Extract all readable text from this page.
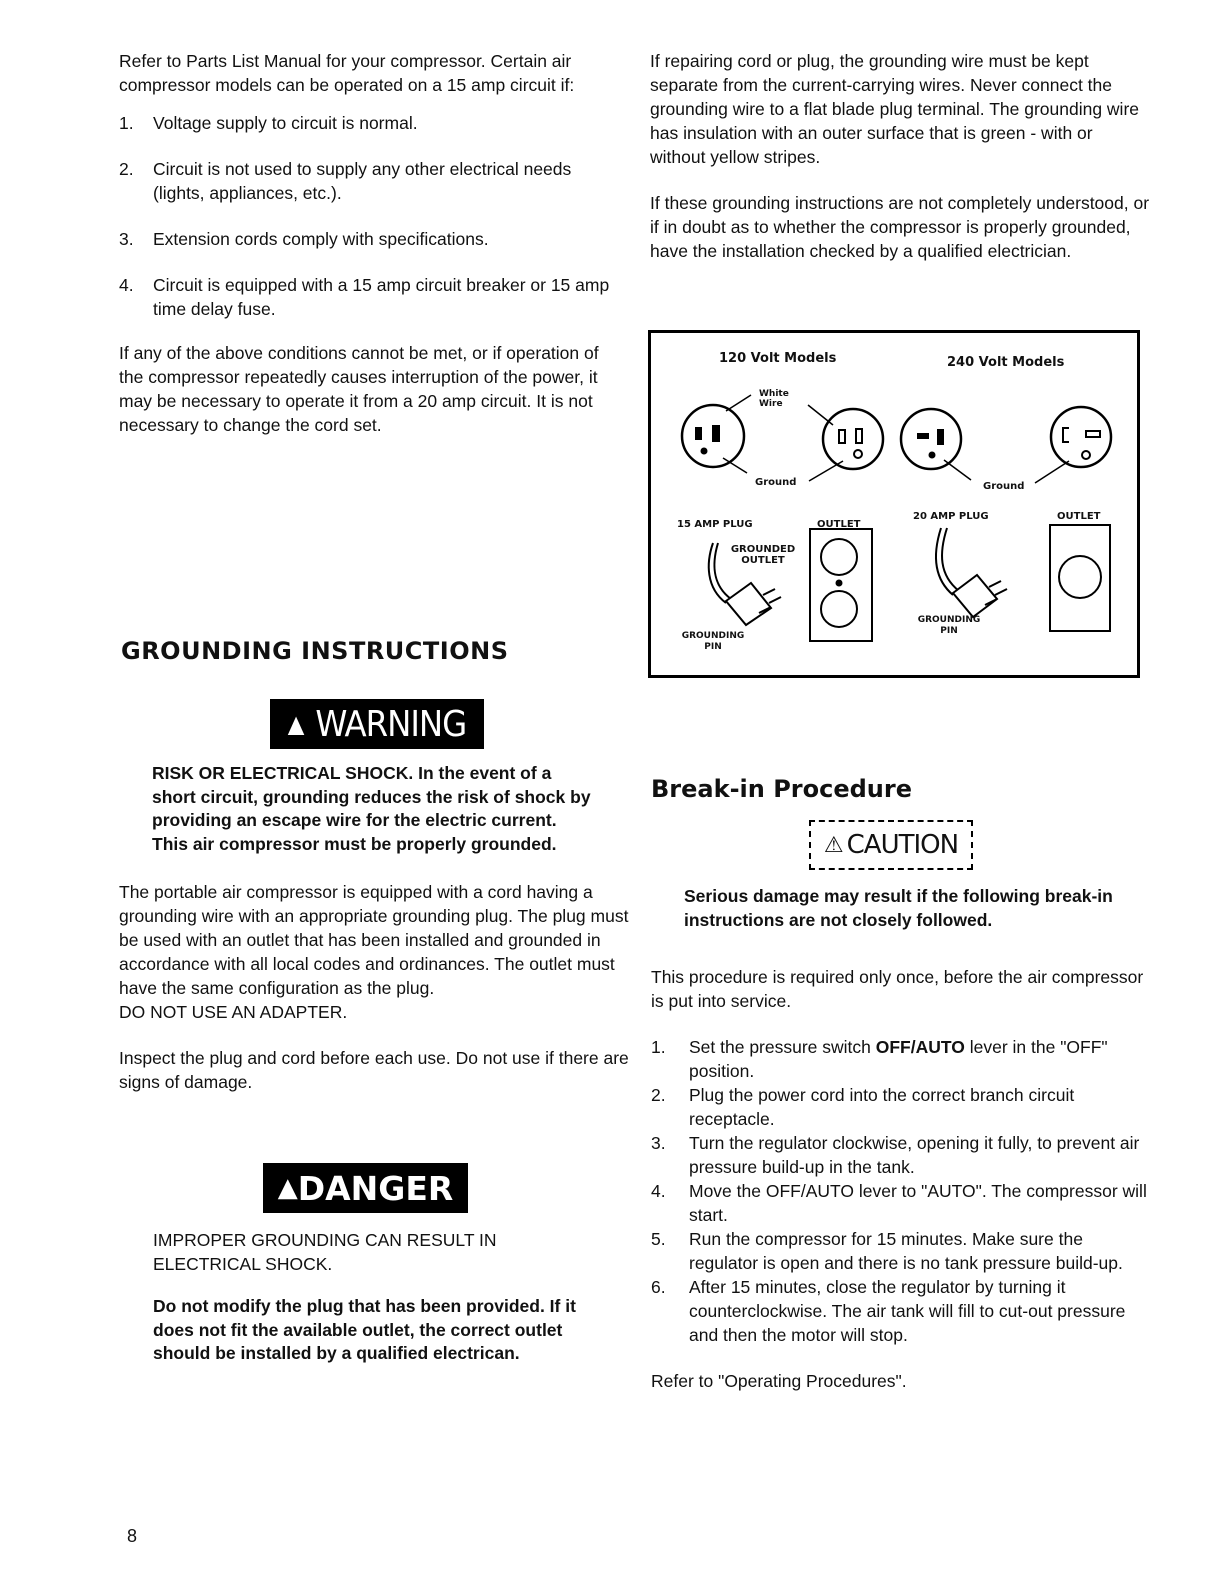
Refer to Parts List Manual for your compressor. Certain air compressor models can be operated on a 15 amp circuit if:

1. Voltage supply to circuit is normal.
2. Circuit is not used to supply any other electrical needs (lights, appliances, etc.).
3. Extension cords comply with specifications.
4. Circuit is equipped with a 15 amp circuit breaker or 15 amp time delay fuse.

If any of the above conditions cannot be met, or if operation of the compressor repeatedly causes interruption of the power, it may be necessary to operate it from a 20 amp circuit. It is not necessary to change the cord set.

GROUNDING INSTRUCTIONS
▲ WARNING
RISK OR ELECTRICAL SHOCK. In the event of a short circuit, grounding reduces the risk of shock by providing an escape wire for the electric current. This air compressor must be properly grounded.

The portable air compressor is equipped with a cord having a grounding wire with an appropriate grounding plug. The plug must be used with an outlet that has been installed and grounded in accordance with all local codes and ordinances. The outlet must have the same configuration as the plug.

DO NOT USE AN ADAPTER.

Inspect the plug and cord before each use. Do not use if there are signs of damage.

▲ DANGER
IMPROPER GROUNDING CAN RESULT IN ELECTRICAL SHOCK.
Do not modify the plug that has been provided. If it does not fit the available outlet, the correct outlet should be installed by a qualified electrican.

If repairing cord or plug, the grounding wire must be kept separate from the current-carrying wires. Never connect the grounding wire to a flat blade plug terminal. The grounding wire has insulation with an outer surface that is green - with or without yellow stripes.

If these grounding instructions are not completely understood, or if in doubt as to whether the compressor is properly grounded, have the installation checked by a qualified electrician.

120 Volt Models	240 Volt Models
White Wire
Ground	Ground
15 AMP PLUG	OUTLET
GROUNDED OUTLET
GROUNDING PIN
20 AMP PLUG	OUTLET
GROUNDING PIN
Break-in Procedure
⚠ CAUTION
Serious damage may result if the following break-in instructions are not closely followed.

This procedure is required only once, before the air compressor is put into service.

1. Set the pressure switch OFF/AUTO lever in the "OFF" position.
2. Plug the power cord into the correct branch circuit receptacle.
3. Turn the regulator clockwise, opening it fully, to prevent air pressure build-up in the tank.
4. Move the OFF/AUTO lever to "AUTO". The compressor will start.
5. Run the compressor for 15 minutes. Make sure the regulator is open and there is no tank pressure build-up.
6. After 15 minutes, close the regulator by turning it counterclockwise. The air tank will fill to cut-out pressure and then the motor will stop.

Refer to "Operating Procedures".

8
